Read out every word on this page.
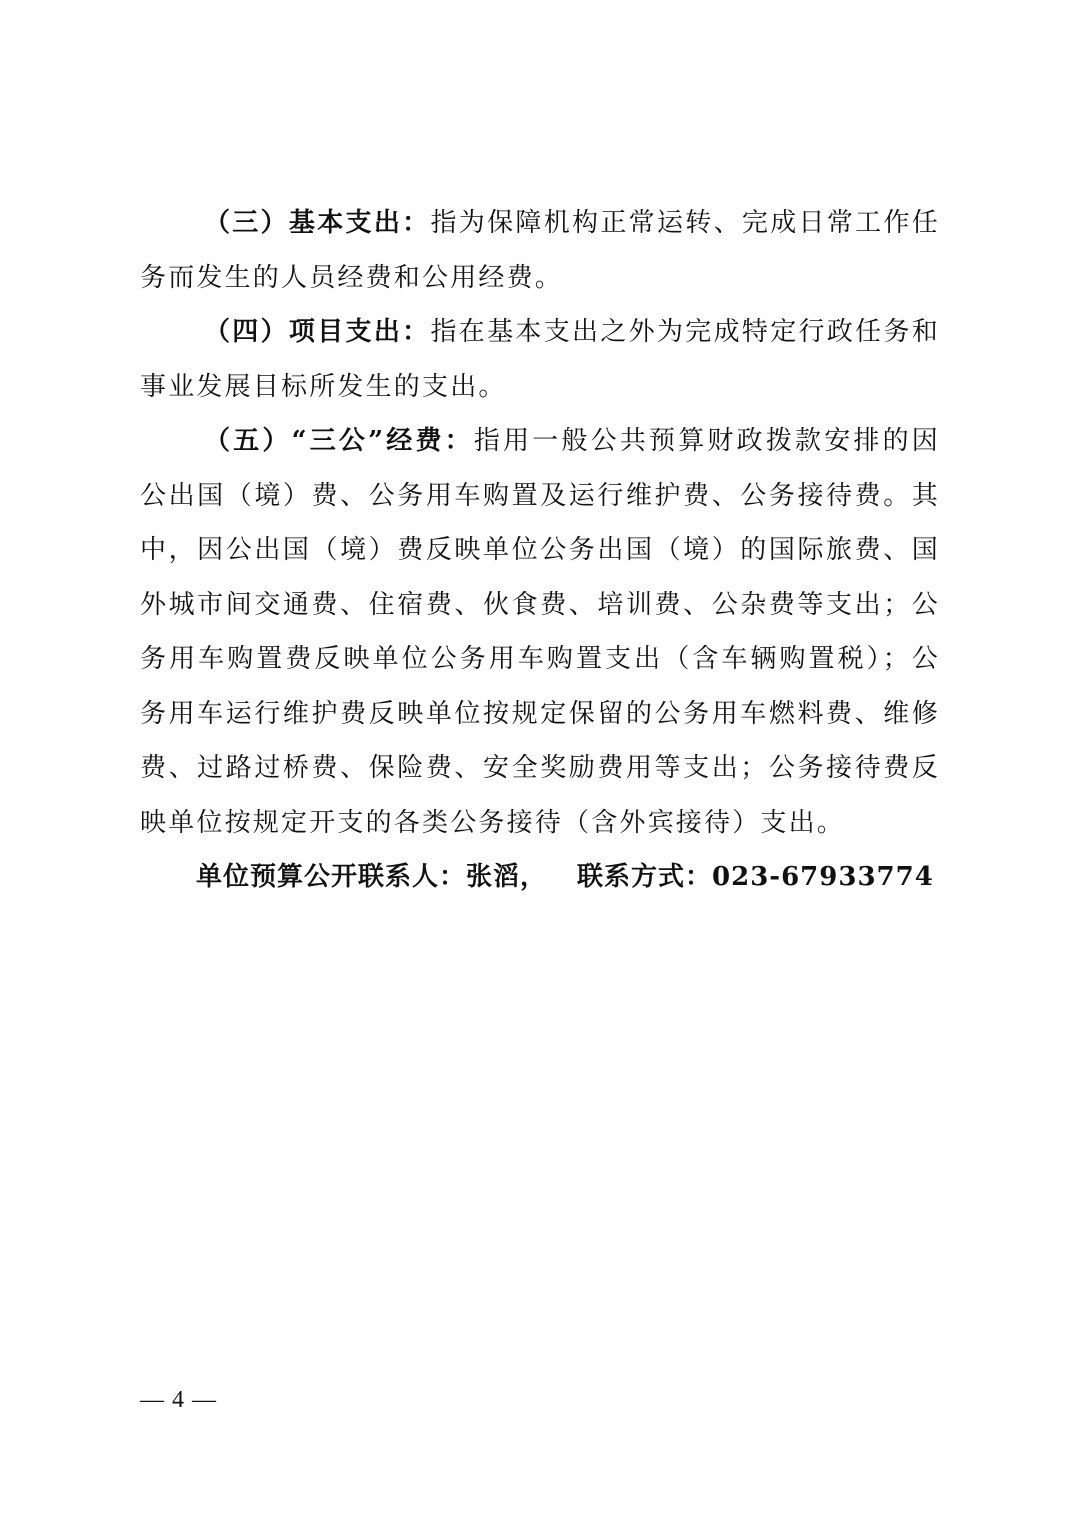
（三）基本支出：指为保障机构正常运转、完成日常工作任务而发生的人员经费和公用经费。

（四）项目支出：指在基本支出之外为完成特定行政任务和事业发展目标所发生的支出。

（五）“三公”经费：指用一般公共预算财政拨款安排的因公出国（境）费、公务用车购置及运行维护费、公务接待费。其中，因公出国（境）费反映单位公务出国（境）的国际旅费、国外城市间交通费、住宿费、伙食费、培训费、公杂费等支出；公务用车购置费反映单位公务用车购置支出（含车辆购置税）；公务用车运行维护费反映单位按规定保留的公务用车燃料费、维修费、过路过桥费、保险费、安全奖励费用等支出；公务接待费反映单位按规定开支的各类公务接待（含外宾接待）支出。

单位预算公开联系人：张滔， 联系方式：023-67933774

— 4 —
